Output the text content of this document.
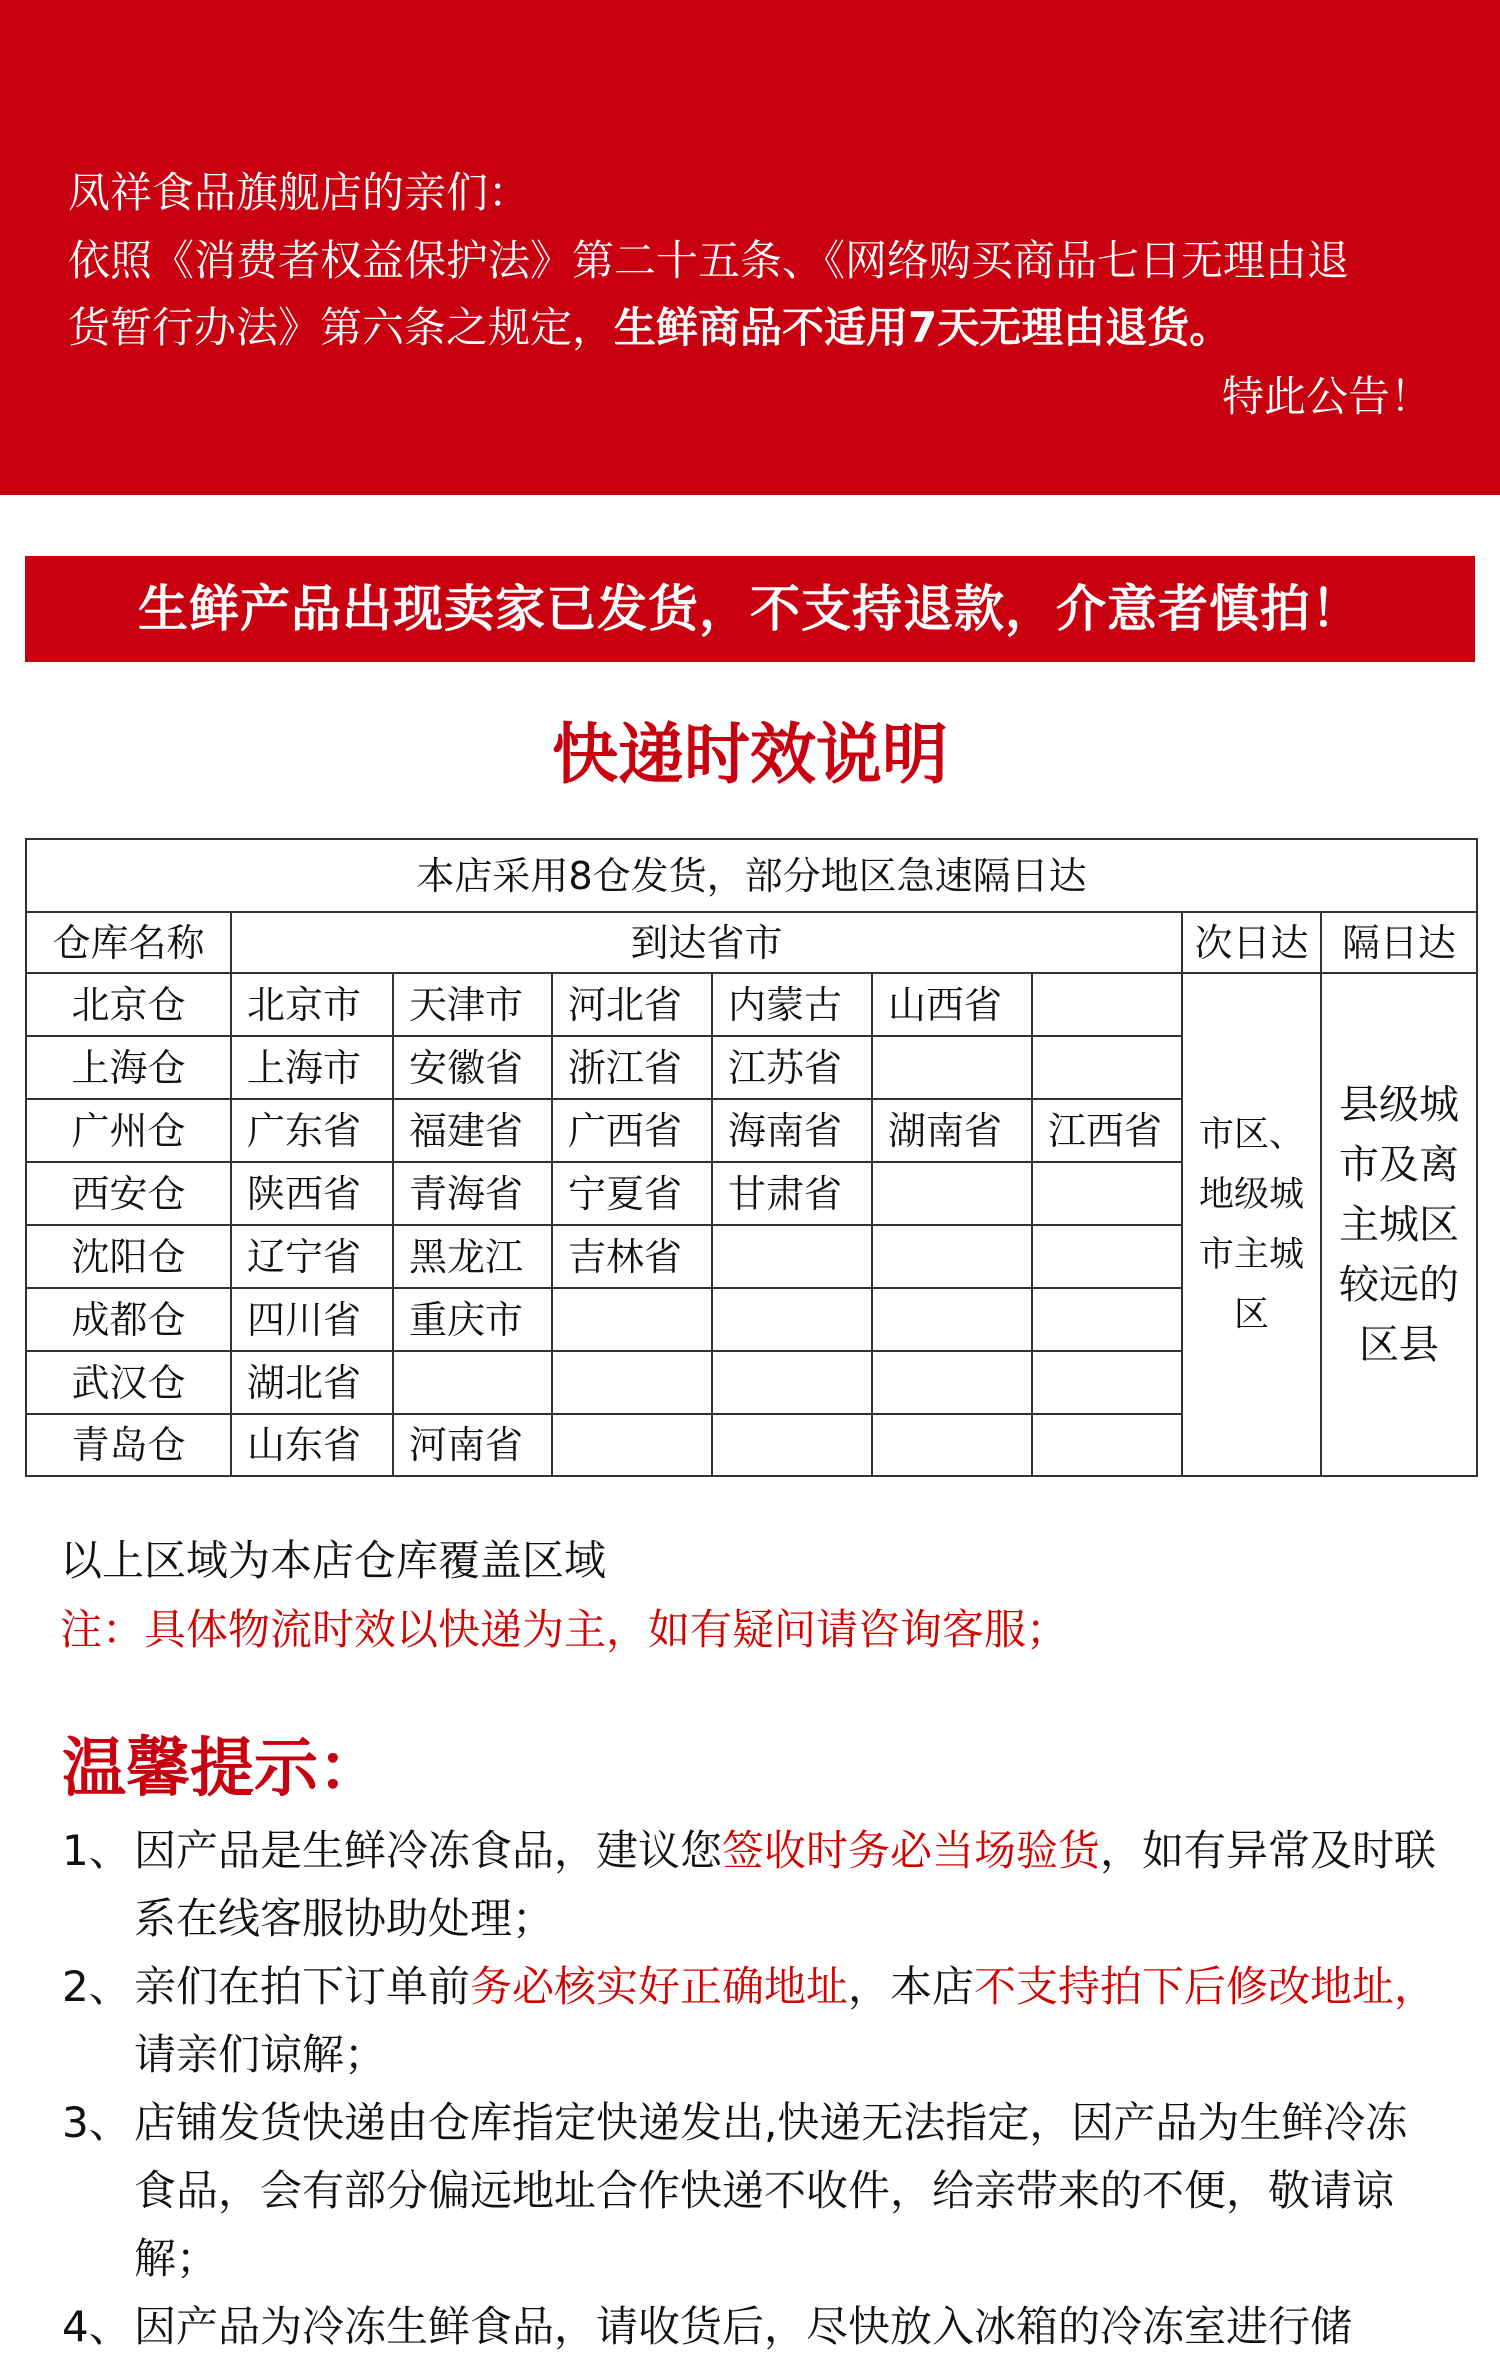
凤祥食品旗舰店的亲们：
依照《消费者权益保护法》第二十五条、《网络购买商品七日无理由退
货暂行办法》第六条之规定，生鲜商品不适用7天无理由退货。
特此公告！
生鲜产品出现卖家已发货，不支持退款，介意者慎拍！
快递时效说明
本店采用8仓发货，部分地区急速隔日达								
仓库名称	到达省市						次日达	隔日达
北京仓	北京市	天津市	河北省	内蒙古	山西省		市区、地级城市主城区	县级城市及离主城区较远的区县
上海仓	上海市	安徽省	浙江省	江苏省				
广州仓	广东省	福建省	广西省	海南省	湖南省	江西省		
西安仓	陕西省	青海省	宁夏省	甘肃省				
沈阳仓	辽宁省	黑龙江	吉林省					
成都仓	四川省	重庆市						
武汉仓	湖北省							
青岛仓	山东省	河南省						
以上区域为本店仓库覆盖区域
注：具体物流时效以快递为主，如有疑问请咨询客服；
温馨提示：
1、 因产品是生鲜冷冻食品，建议您签收时务必当场验货，如有异常及时联系在线客服协助处理；
2、 亲们在拍下订单前务必核实好正确地址，本店不支持拍下后修改地址， 请亲们谅解；
3、 店铺发货快递由仓库指定快递发出,快递无法指定，因产品为生鲜冷冻食品，会有部分偏远地址合作快递不收件，给亲带来的不便，敬请谅解；
4、 因产品为冷冻生鲜食品，请收货后，尽快放入冰箱的冷冻室进行储
